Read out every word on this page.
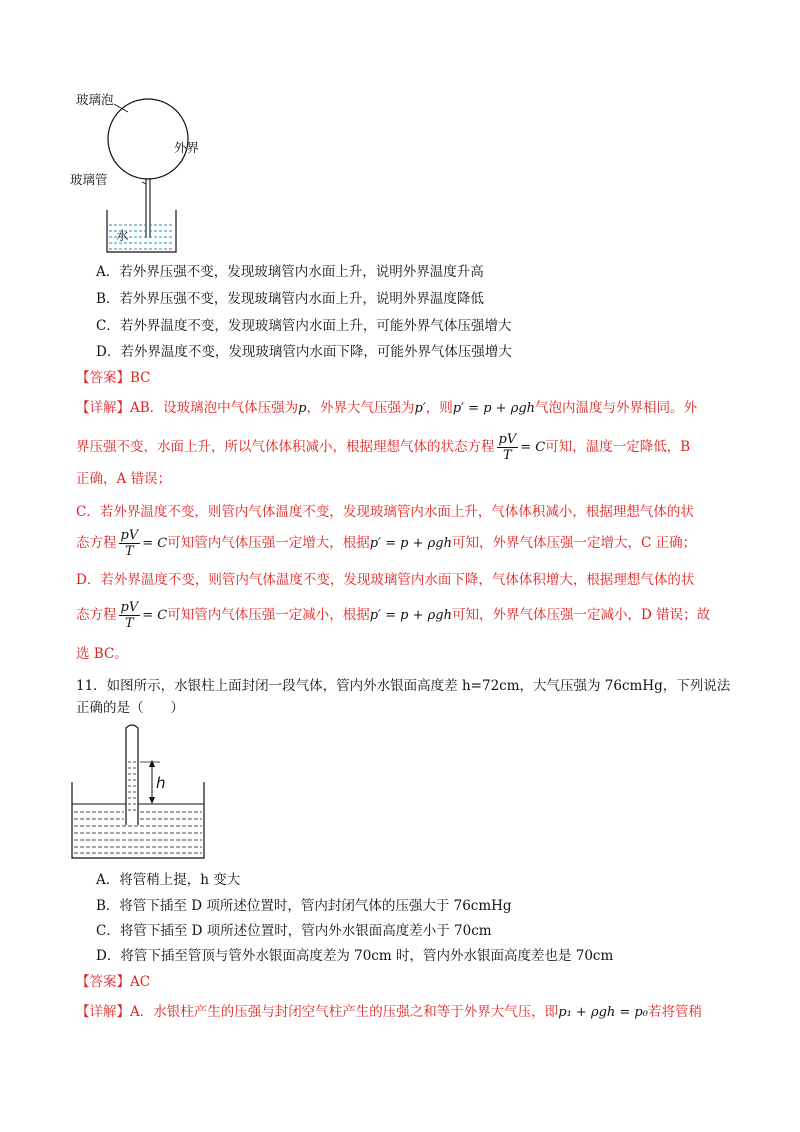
玻璃泡
外界
玻璃管
水
A．若外界压强不变，发现玻璃管内水面上升，说明外界温度升高
B．若外界压强不变，发现玻璃管内水面上升，说明外界温度降低
C．若外界温度不变，发现玻璃管内水面上升，可能外界气体压强增大
D．若外界温度不变，发现玻璃管内水面下降，可能外界气体压强增大
【答案】BC
【详解】AB．设玻璃泡中气体压强为p，外界大气压强为p′，则p′ = p + ρgh气泡内温度与外界相同。外
界压强不变，水面上升，所以气体体积减小，根据理想气体的状态方程 $\frac{pV}{T} = C$可知，温度一定降低，B
正确，A 错误；
C．若外界温度不变，则管内气体温度不变，发现玻璃管内水面上升，气体体积减小，根据理想气体的状
态方程 $\frac{pV}{T} = C$可知管内气体压强一定增大，根据p′ = p + ρgh可知，外界气体压强一定增大，C 正确；
D．若外界温度不变，则管内气体温度不变，发现玻璃管内水面下降，气体体积增大，根据理想气体的状
态方程 $\frac{pV}{T} = C$可知管内气体压强一定减小，根据p′ = p + ρgh可知，外界气体压强一定减小，D 错误；故
选 BC。
11．如图所示，水银柱上面封闭一段气体，管内外水银面高度差 h=72cm，大气压强为 76cmHg，下列说法
正确的是（　　）
h
A．将管稍上提，h 变大
B．将管下插至 D 项所述位置时，管内封闭气体的压强大于 76cmHg
C．将管下插至 D 项所述位置时，管内外水银面高度差小于 70cm
D．将管下插至管顶与管外水银面高度差为 70cm 时，管内外水银面高度差也是 70cm
【答案】AC
【详解】A．水银柱产生的压强与封闭空气柱产生的压强之和等于外界大气压，即p₁ + ρgh = p₀若将管稍
